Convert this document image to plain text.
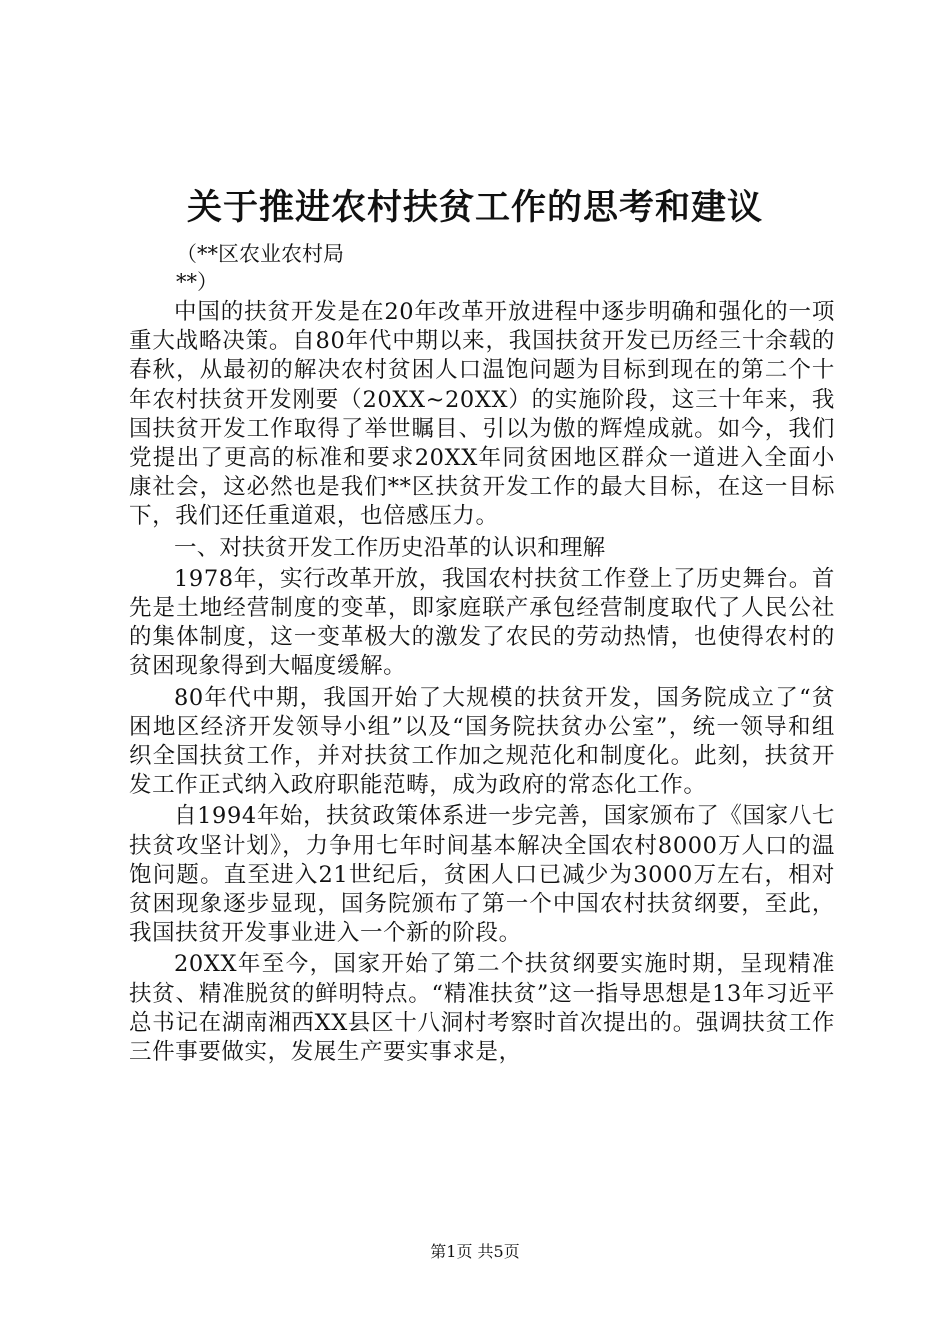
关于推进农村扶贫工作的思考和建议
（**区农业农村局
**）

中国的扶贫开发是在20年改革开放进程中逐步明确和强化的一项重大战略决策。自80年代中期以来，我国扶贫开发已历经三十余载的春秋，从最初的解决农村贫困人口温饱问题为目标到现在的第二个十年农村扶贫开发刚要（20XX~20XX）的实施阶段，这三十年来，我国扶贫开发工作取得了举世瞩目、引以为傲的辉煌成就。如今，我们党提出了更高的标准和要求20XX年同贫困地区群众一道进入全面小康社会，这必然也是我们**区扶贫开发工作的最大目标，在这一目标下，我们还任重道艰，也倍感压力。

一、对扶贫开发工作历史沿革的认识和理解

1978年，实行改革开放，我国农村扶贫工作登上了历史舞台。首先是土地经营制度的变革，即家庭联产承包经营制度取代了人民公社的集体制度，这一变革极大的激发了农民的劳动热情，也使得农村的贫困现象得到大幅度缓解。

80年代中期，我国开始了大规模的扶贫开发，国务院成立了“贫困地区经济开发领导小组”以及“国务院扶贫办公室”，统一领导和组织全国扶贫工作，并对扶贫工作加之规范化和制度化。此刻，扶贫开发工作正式纳入政府职能范畴，成为政府的常态化工作。

自1994年始，扶贫政策体系进一步完善，国家颁布了《国家八七扶贫攻坚计划》，力争用七年时间基本解决全国农村8000万人口的温饱问题。直至进入21世纪后，贫困人口已减少为3000万左右，相对贫困现象逐步显现，国务院颁布了第一个中国农村扶贫纲要，至此，我国扶贫开发事业进入一个新的阶段。

20XX年至今，国家开始了第二个扶贫纲要实施时期，呈现精准扶贫、精准脱贫的鲜明特点。“精准扶贫”这一指导思想是13年习近平总书记在湖南湘西XX县区十八洞村考察时首次提出的。强调扶贫工作三件事要做实，发展生产要实事求是，

第1页 共5页
